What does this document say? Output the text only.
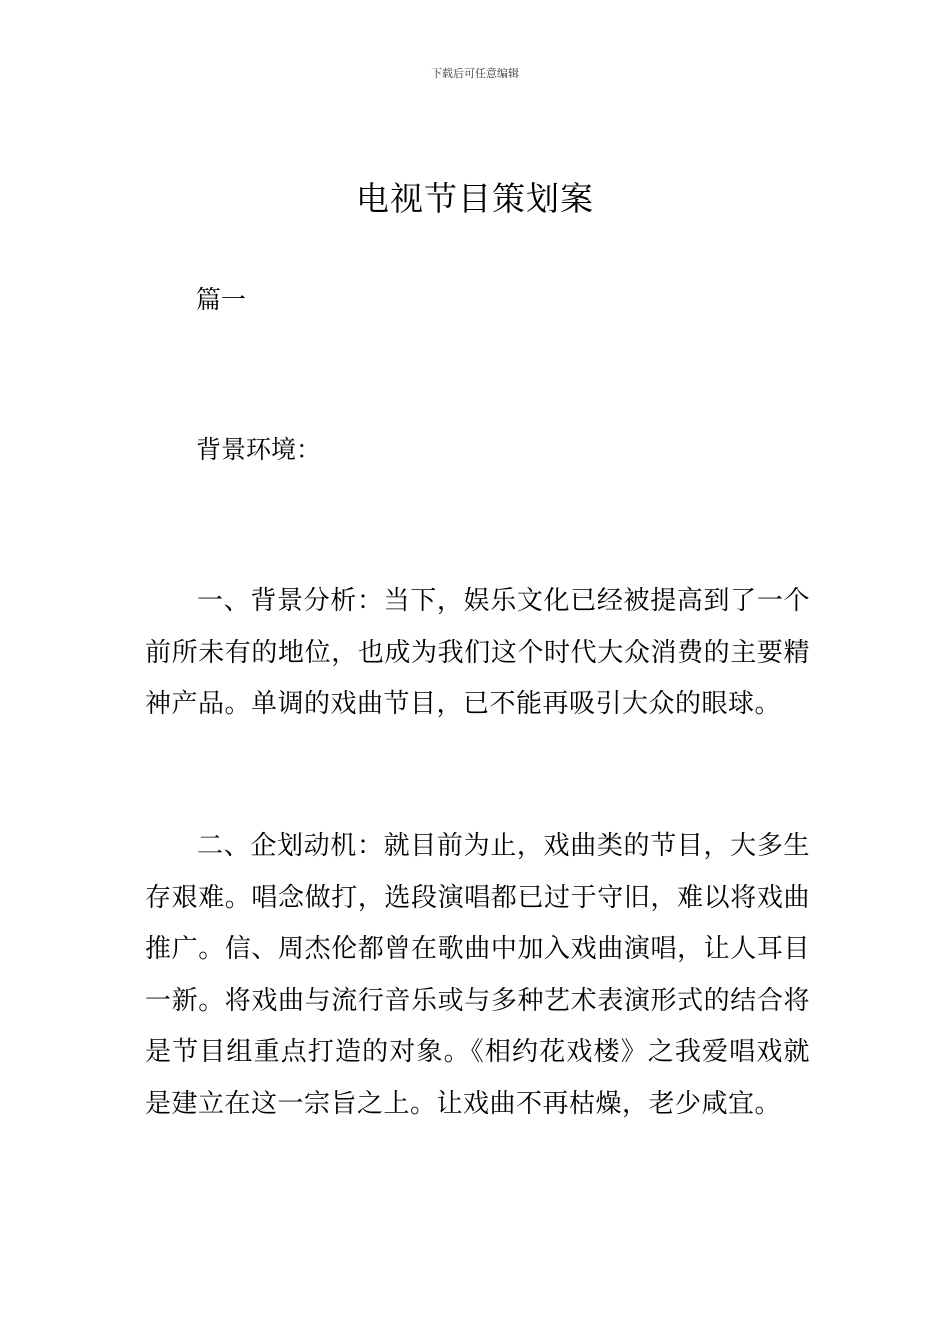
下载后可任意编辑
电视节目策划案

篇一

背景环境：

一、背景分析：当下，娱乐文化已经被提高到了一个前所未有的地位，也成为我们这个时代大众消费的主要精神产品。单调的戏曲节目，已不能再吸引大众的眼球。

二、企划动机：就目前为止，戏曲类的节目，大多生存艰难。唱念做打，选段演唱都已过于守旧，难以将戏曲推广。信、周杰伦都曾在歌曲中加入戏曲演唱，让人耳目一新。将戏曲与流行音乐或与多种艺术表演形式的结合将是节目组重点打造的对象。《相约花戏楼》之我爱唱戏就是建立在这一宗旨之上。让戏曲不再枯燥，老少咸宜。
